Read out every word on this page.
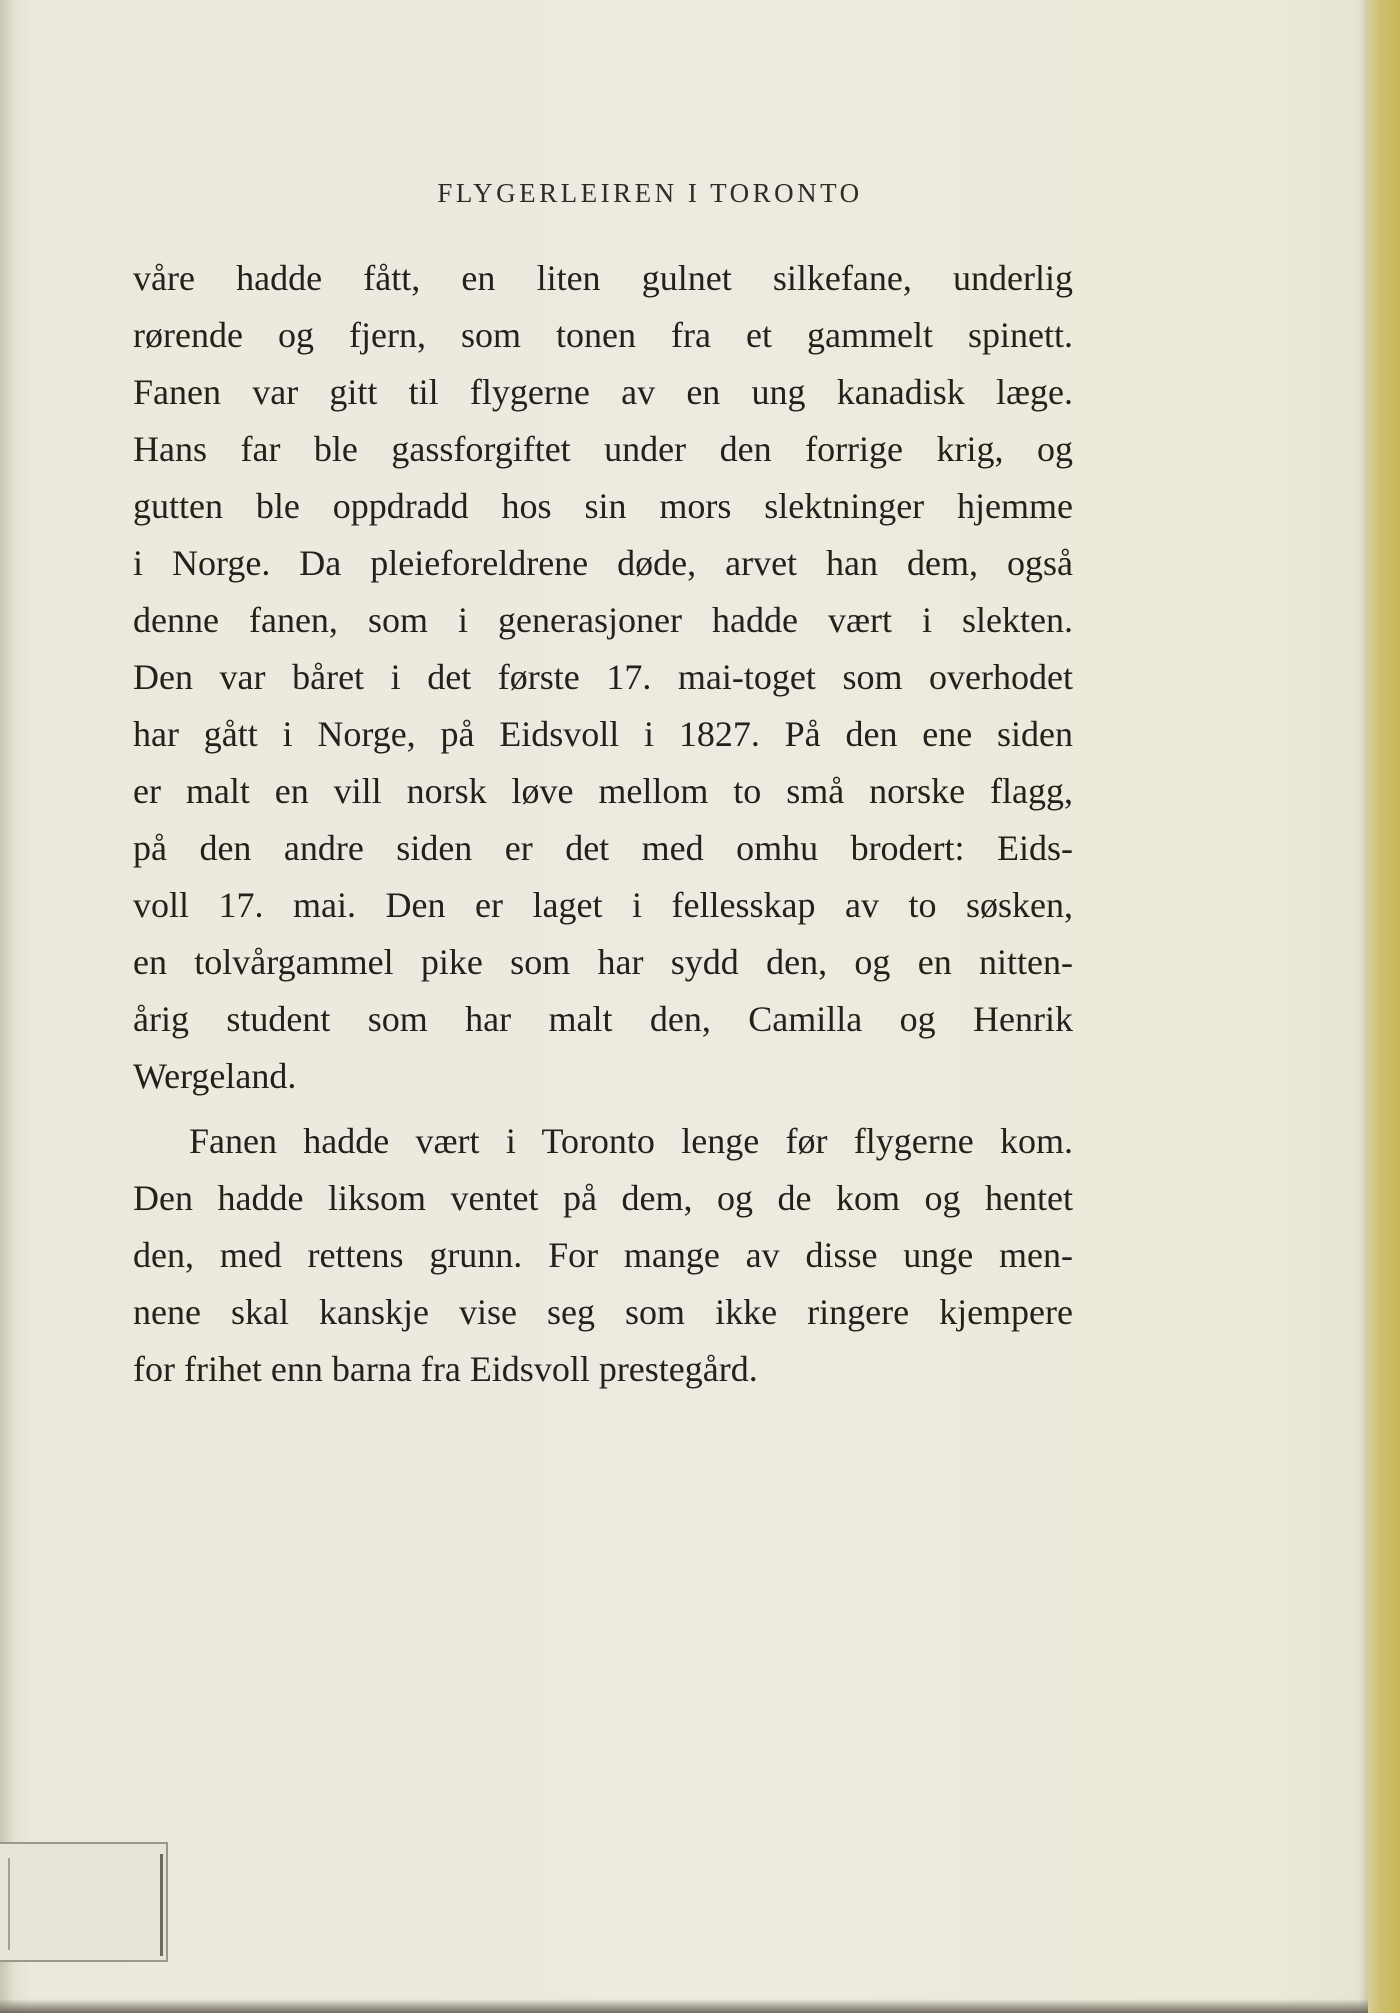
FLYGERLEIREN I TORONTO
våre hadde fått, en liten gulnet silkefane, underlig
rørende og fjern, som tonen fra et gammelt spinett.
Fanen var gitt til flygerne av en ung kanadisk læge.
Hans far ble gassforgiftet under den forrige krig, og
gutten ble oppdradd hos sin mors slektninger hjemme
i Norge. Da pleieforeldrene døde, arvet han dem, også
denne fanen, som i generasjoner hadde vært i slekten.
Den var båret i det første 17. mai-toget som overhodet
har gått i Norge, på Eidsvoll i 1827. På den ene siden
er malt en vill norsk løve mellom to små norske flagg,
på den andre siden er det med omhu brodert: Eids-
voll 17. mai. Den er laget i fellesskap av to søsken,
en tolvårgammel pike som har sydd den, og en nitten-
årig student som har malt den, Camilla og Henrik
Wergeland.
Fanen hadde vært i Toronto lenge før flygerne kom.
Den hadde liksom ventet på dem, og de kom og hentet
den, med rettens grunn. For mange av disse unge men-
nene skal kanskje vise seg som ikke ringere kjempere
for frihet enn barna fra Eidsvoll prestegård.
